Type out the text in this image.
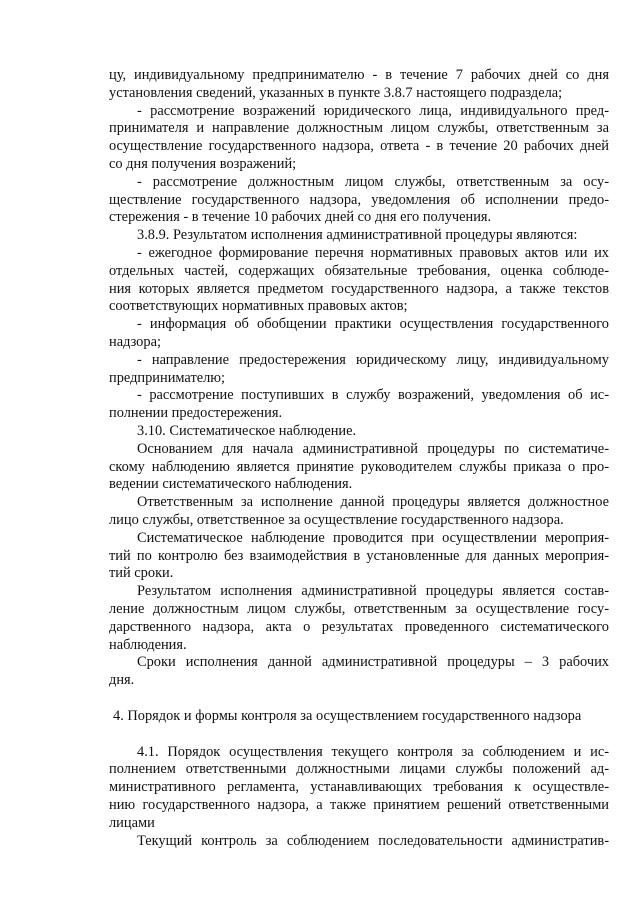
цу, индивидуальному предпринимателю - в течение 7 рабочих дней со дня
установления сведений, указанных в пункте 3.8.7 настоящего подраздела;
- рассмотрение возражений юридического лица, индивидуального пред-
принимателя и направление должностным лицом службы, ответственным за
осуществление государственного надзора, ответа - в течение 20 рабочих дней
со дня получения возражений;
- рассмотрение должностным лицом службы, ответственным за осу-
ществление государственного надзора, уведомления об исполнении предо-
стережения - в течение 10 рабочих дней со дня его получения.
3.8.9. Результатом исполнения административной процедуры являются:
- ежегодное формирование перечня нормативных правовых актов или их
отдельных частей, содержащих обязательные требования, оценка соблюде-
ния которых является предметом государственного надзора, а также текстов
соответствующих нормативных правовых актов;
- информация об обобщении практики осуществления государственного
надзора;
- направление предостережения юридическому лицу, индивидуальному
предпринимателю;
- рассмотрение поступивших в службу возражений, уведомления об ис-
полнении предостережения.
3.10. Систематическое наблюдение.
Основанием для начала административной процедуры по систематиче-
скому наблюдению является принятие руководителем службы приказа о про-
ведении систематического наблюдения.
Ответственным за исполнение данной процедуры является должностное
лицо службы, ответственное за осуществление государственного надзора.
Систематическое наблюдение проводится при осуществлении мероприя-
тий по контролю без взаимодействия в установленные для данных мероприя-
тий сроки.
Результатом исполнения административной процедуры является состав-
ление должностным лицом службы, ответственным за осуществление госу-
дарственного надзора, акта о результатах проведенного систематического
наблюдения.
Сроки исполнения данной административной процедуры – 3 рабочих
дня.
4. Порядок и формы контроля за осуществлением государственного надзора
4.1. Порядок осуществления текущего контроля за соблюдением и ис-
полнением ответственными должностными лицами службы положений ад-
министративного регламента, устанавливающих требования к осуществле-
нию государственного надзора, а также принятием решений ответственными
лицами
Текущий контроль за соблюдением последовательности административ-
